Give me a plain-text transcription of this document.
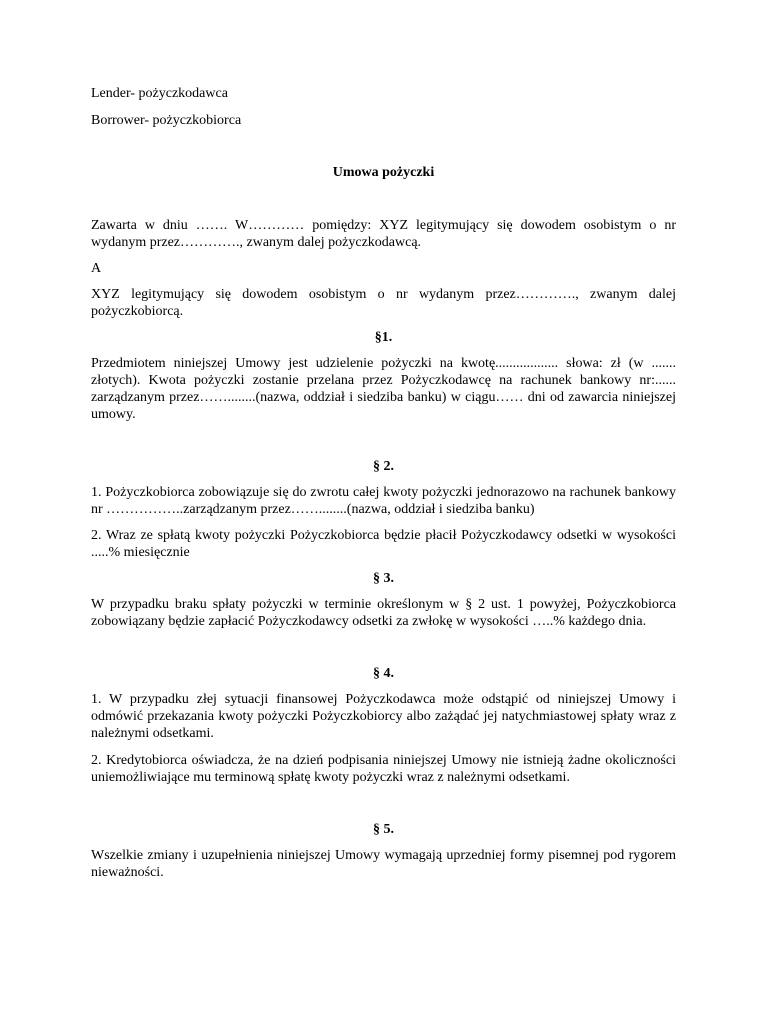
Lender- pożyczkodawca

Borrower- pożyczkobiorca

Umowa pożyczki

Zawarta w dniu ……. W………… pomiędzy: XYZ legitymujący się dowodem osobistym o nr wydanym przez…………., zwanym dalej pożyczkodawcą.

A

XYZ legitymujący się dowodem osobistym o nr wydanym przez…………., zwanym dalej pożyczkobiorcą.

§1.

Przedmiotem niniejszej Umowy jest udzielenie pożyczki na kwotę.................. słowa: zł (w ....... złotych). Kwota pożyczki zostanie przelana przez Pożyczkodawcę na rachunek bankowy nr:...... zarządzanym przez……........(nazwa, oddział i siedziba banku) w ciągu…… dni od zawarcia niniejszej umowy.

§ 2.

1. Pożyczkobiorca zobowiązuje się do zwrotu całej kwoty pożyczki jednorazowo na rachunek bankowy nr ……………..zarządzanym przez……........(nazwa, oddział i siedziba banku)

2. Wraz ze spłatą kwoty pożyczki Pożyczkobiorca będzie płacił Pożyczkodawcy odsetki w wysokości .....% miesięcznie

§ 3.

W przypadku braku spłaty pożyczki w terminie określonym w § 2 ust. 1 powyżej, Pożyczkobiorca zobowiązany będzie zapłacić Pożyczkodawcy odsetki za zwłokę w wysokości …..% każdego dnia.

§ 4.

1. W przypadku złej sytuacji finansowej Pożyczkodawca może odstąpić od niniejszej Umowy i odmówić przekazania kwoty pożyczki Pożyczkobiorcy albo zażądać jej natychmiastowej spłaty wraz z należnymi odsetkami.

2. Kredytobiorca oświadcza, że na dzień podpisania niniejszej Umowy nie istnieją żadne okoliczności uniemożliwiające mu terminową spłatę kwoty pożyczki wraz z należnymi odsetkami.

§ 5.

Wszelkie zmiany i uzupełnienia niniejszej Umowy wymagają uprzedniej formy pisemnej pod rygorem nieważności.
